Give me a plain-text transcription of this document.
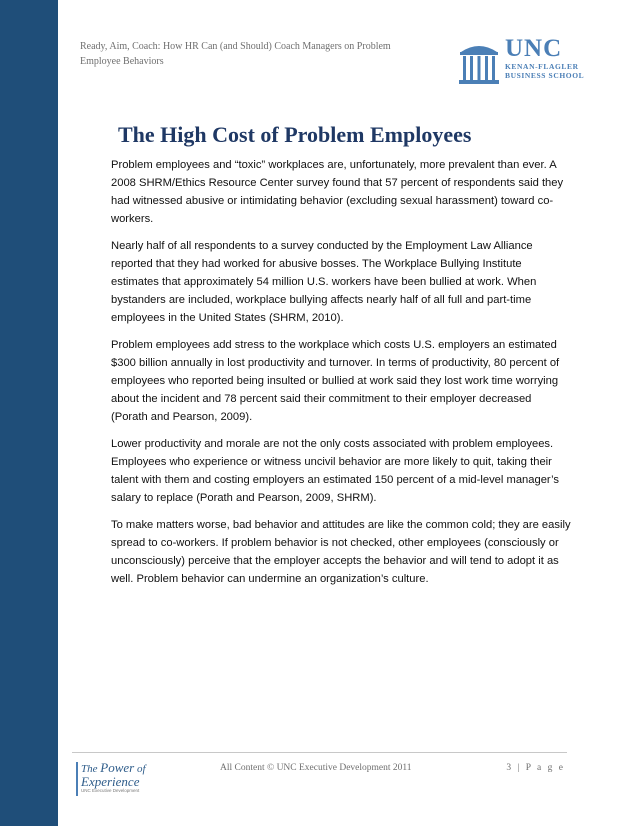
Ready, Aim, Coach: How HR Can (and Should) Coach Managers on Problem
Employee Behaviors	UNC
KENAN-FLAGLER
BUSINESS SCHOOL
The High Cost of Problem Employees

Problem employees and “toxic” workplaces are, unfortunately, more prevalent than ever. A 2008 SHRM/Ethics Resource Center survey found that 57 percent of respondents said they had witnessed abusive or intimidating behavior (excluding sexual harassment) toward co-workers.

Nearly half of all respondents to a survey conducted by the Employment Law Alliance reported that they had worked for abusive bosses. The Workplace Bullying Institute estimates that approximately 54 million U.S. workers have been bullied at work. When bystanders are included, workplace bullying affects nearly half of all full and part-time employees in the United States (SHRM, 2010).

Problem employees add stress to the workplace which costs U.S. employers an estimated $300 billion annually in lost productivity and turnover. In terms of productivity, 80 percent of employees who reported being insulted or bullied at work said they lost work time worrying about the incident and 78 percent said their commitment to their employer decreased (Porath and Pearson, 2009).

Lower productivity and morale are not the only costs associated with problem employees. Employees who experience or witness uncivil behavior are more likely to quit, taking their talent with them and costing employers an estimated 150 percent of a mid-level manager’s salary to replace (Porath and Pearson, 2009, SHRM).

To make matters worse, bad behavior and attitudes are like the common cold; they are easily spread to co-workers. If problem behavior is not checked, other employees (consciously or unconsciously) perceive that the employer accepts the behavior and will tend to adopt it as well. Problem behavior can undermine an organization’s culture.

The Power of
Experience
UNC Executive Development
All Content © UNC Executive Development 2011	3 | P a g e
